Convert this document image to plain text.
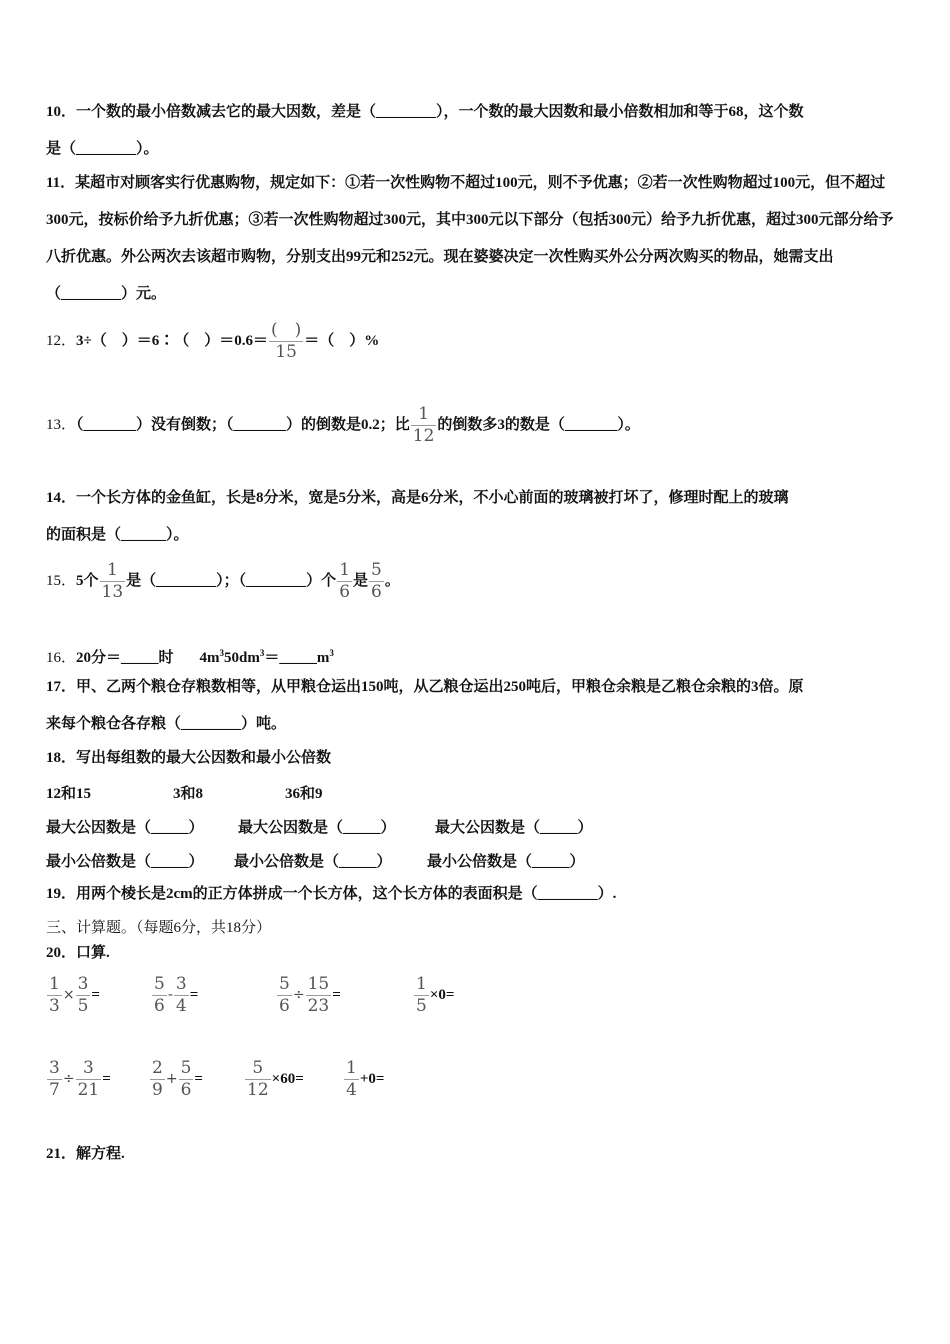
10．一个数的最小倍数减去它的最大因数，差是（________），一个数的最大因数和最小倍数相加和等于68，这个数
是（________）。
11．某超市对顾客实行优惠购物，规定如下：①若一次性购物不超过100元，则不予优惠；②若一次性购物超过100元，但不超过300元，按标价给予九折优惠；③若一次性购物超过300元，其中300元以下部分（包括300元）给予九折优惠，超过300元部分给予八折优惠。外公两次去该超市购物，分别支出99元和252元。现在婆婆决定一次性购买外公分两次购买的物品，她需支出（________）元。
12．3÷（　）＝6∶（　）$=0.6= \frac{( )}{15}$ ＝（　）%
13．（_______）没有倒数；（_______）的倒数是0.2；比 $\frac{1}{12}$ 的倒数多3的数是（_______）。
14．一个长方体的金鱼缸，长是8分米，宽是5分米，高是6分米，不小心前面的玻璃被打坏了，修理时配上的玻璃
的面积是（______）。
15．5个 $\frac{1}{13}$ 是（________）；（________）个 $\frac{1}{6}$ 是 $\frac{5}{6}$ 。
16．20分＝_____时 $4m^350dm^3=\_\_\_\_\_m^3$
17．甲、乙两个粮仓存粮数相等，从甲粮仓运出150吨，从乙粮仓运出250吨后，甲粮仓余粮是乙粮仓余粮的3倍。原
来每个粮仓各存粮（________）吨。
18．写出每组数的最大公因数和最小公倍数
12和15	3和8	36和9
最大公因数是（_____） 最大公因数是（_____）	最大公因数是（_____）
最小公倍数是（_____） 最小公倍数是（_____） 最小公倍数是（_____）
19．用两个棱长是2cm的正方体拼成一个长方体，这个长方体的表面积是（________）.
三、计算题。（每题6分，共18分）
20．口算.
$\frac{1}{3} \times \frac{3}{5}$ =	$\frac{5}{6} - \frac{3}{4}$ =	$\frac{5}{6} \div \frac{15}{23}$ =	$\frac{1}{5} \times 0=$
$\frac{3}{7} \div \frac{3}{21} = \frac{2}{9} + \frac{5}{6} = \frac{5}{12} \times 60= \frac{1}{4} +0=$
21．解方程.
